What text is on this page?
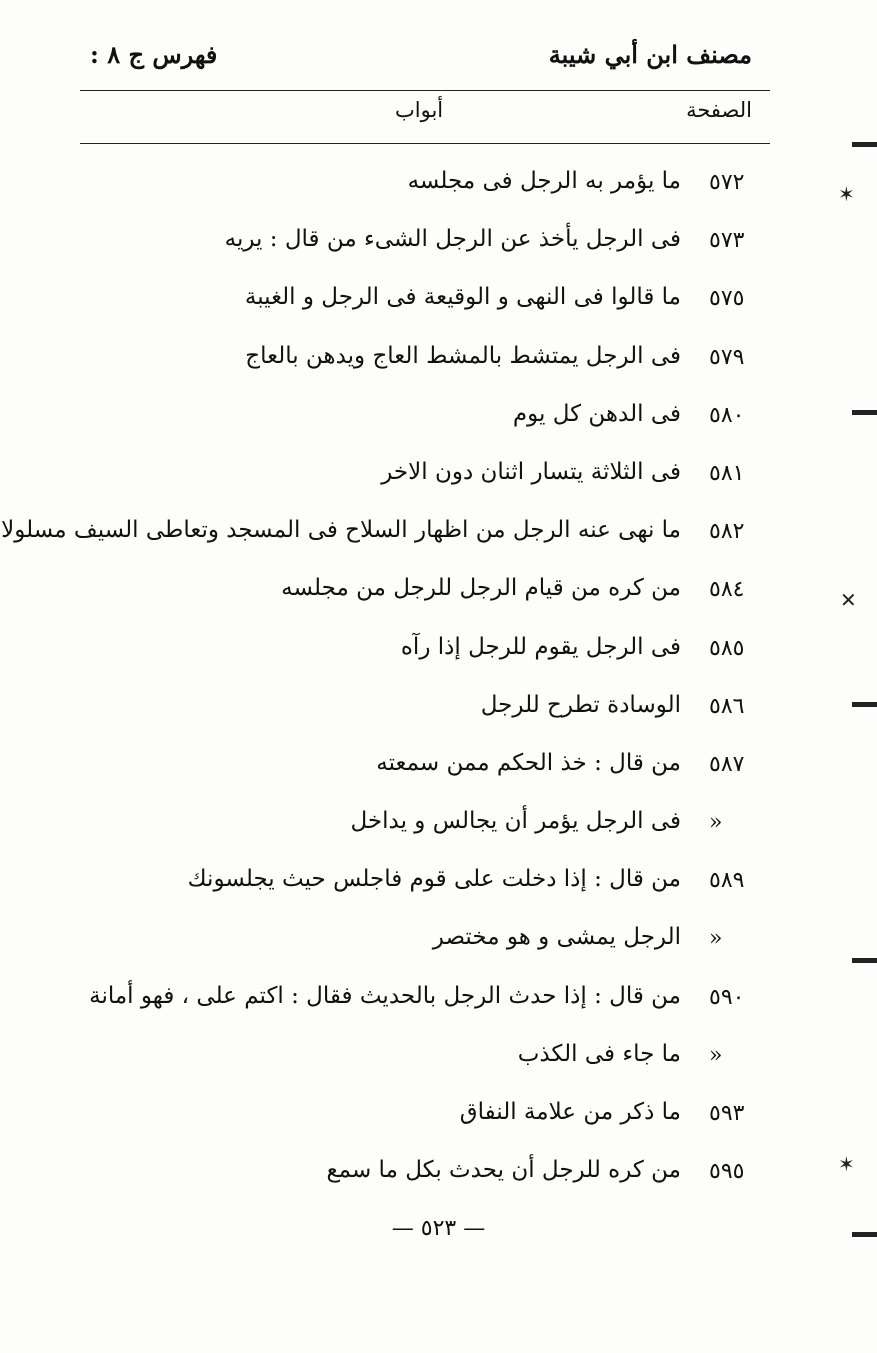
مصنف ابن أبي شيبة
فهرس ج ٨ :
الصفحة
أبواب
٥٧٢
ما يؤمر به الرجل فى مجلسه
٥٧٣
فى الرجل يأخذ عن الرجل الشىء من قال : يريه
٥٧٥
ما قالوا فى النهى و الوقيعة فى الرجل و الغيبة
٥٧٩
فى الرجل يمتشط بالمشط العاج ويدهن بالعاج
٥٨٠
فى الدهن كل يوم
٥٨١
فى الثلاثة يتسار اثنان دون الاخر
٥٨٢
ما نهى عنه الرجل من اظهار السلاح فى المسجد وتعاطى السيف مسلولا
٥٨٤
من كره من قيام الرجل للرجل من مجلسه
٥٨٥
فى الرجل يقوم للرجل إذا رآه
٥٨٦
الوسادة تطرح للرجل
٥٨٧
من قال : خذ الحكم ممن سمعته
«
فى الرجل يؤمر أن يجالس و يداخل
٥٨٩
من قال : إذا دخلت على قوم فاجلس حيث يجلسونك
«
الرجل يمشى و هو مختصر
٥٩٠
من قال : إذا حدث الرجل بالحديث فقال : اكتم على ، فهو أمانة
«
ما جاء فى الكذب
٥٩٣
ما ذكر من علامة النفاق
٥٩٥
من كره للرجل أن يحدث بكل ما سمع
— ٥٢٣ —
✶
✕
✶
